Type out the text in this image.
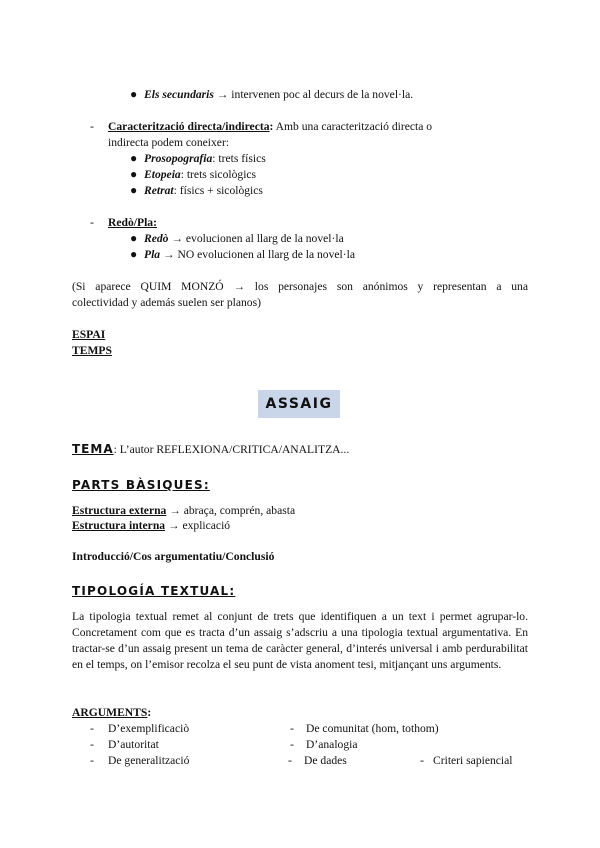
● Els secundaris → intervenen poc al decurs de la novel·la.
- Caracterització directa/indirecta: Amb una caracterització directa o
indirecta podem coneixer:
● Prosopografia: trets físics
● Etopeia: trets sicològics
● Retrat: físics + sicològics
- Redò/Pla:
● Redò → evolucionen al llarg de la novel·la
● Pla → NO evolucionen al llarg de la novel·la
(Si aparece QUIM MONZÓ → los personajes son anónimos y representan a una
colectividad y además suelen ser planos)
ESPAI
TEMPS
ASSAIG
TEMA: L’autor REFLEXIONA/CRITICA/ANALITZA...
PARTS BÀSIQUES:
Estructura externa → abraça, comprén, abasta
Estructura interna → explicació
Introducció/Cos argumentatiu/Conclusió
TIPOLOGÍA TEXTUAL:
La tipologia textual remet al conjunt de trets que identifiquen a un text i permet agrupar-lo. Concretament com que es tracta d’un assaig s’adscriu a una tipologia textual argumentativa. En tractar-se d’un assaig present un tema de caràcter general, d’interés universal i amb perdurabilitat en el temps, on l’emisor recolza el seu punt de vista anoment tesi, mitjançant uns arguments.
ARGUMENTS:
- D’exemplificaciò
- D’autoritat
- De generalització
- De comunitat (hom, tothom)
- D’analogia
- De dades	- Criteri sapiencial
